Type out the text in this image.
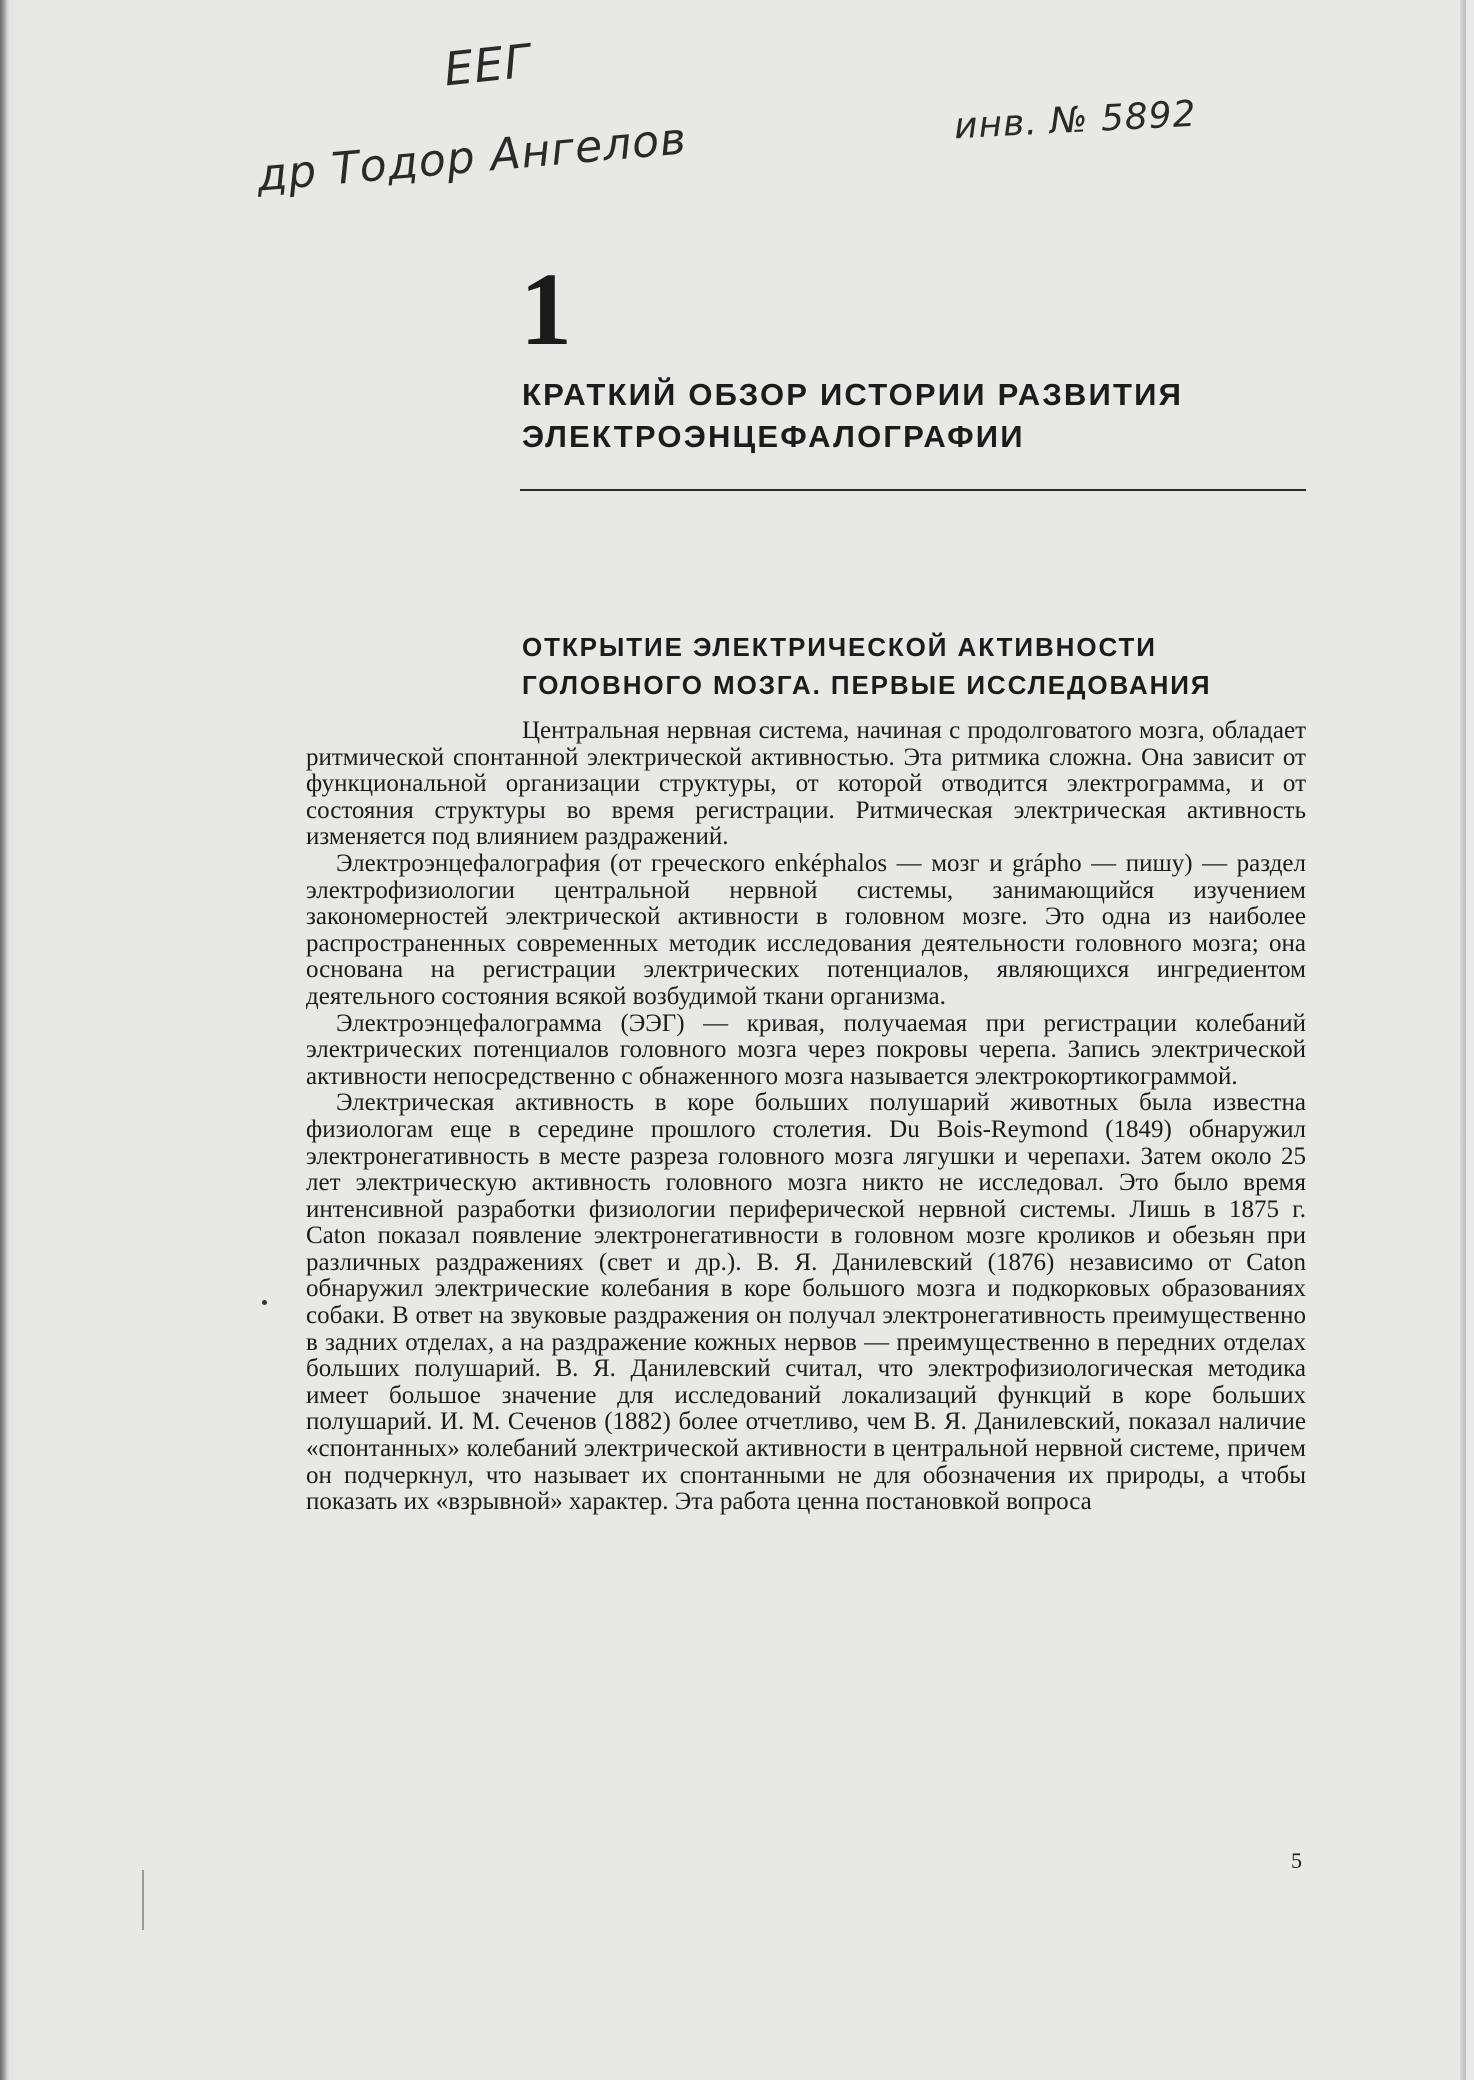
ЕЕГ
др Тодор Ангелов	инв. № 5892
1
КРАТКИЙ ОБЗОР ИСТОРИИ РАЗВИТИЯ
ЭЛЕКТРОЭНЦЕФАЛОГРАФИИ
ОТКРЫТИЕ ЭЛЕКТРИЧЕСКОЙ АКТИВНОСТИ
ГОЛОВНОГО МОЗГА. ПЕРВЫЕ ИССЛЕДОВАНИЯ

Центральная нервная система, начиная с продолговатого мозга, обладает ритмической спонтанной электрической активностью. Эта ритмика сложна. Она зависит от функциональной организации структуры, от которой отводится электрограмма, и от состояния структуры во время регистрации. Ритмическая электрическая активность изменяется под влиянием раздражений.

Электроэнцефалография (от греческого enképhalos — мозг и grápho — пишу) — раздел электрофизиологии центральной нервной системы, занимающийся изучением закономерностей электрической активности в головном мозге. Это одна из наиболее распространенных современных методик исследования деятельности головного мозга; она основана на регистрации электрических потенциалов, являющихся ингредиентом деятельного состояния всякой возбудимой ткани организма.

Электроэнцефалограмма (ЭЭГ) — кривая, получаемая при регистрации колебаний электрических потенциалов головного мозга через покровы черепа. Запись электрической активности непосредственно с обнаженного мозга называется электрокортикограммой.

Электрическая активность в коре больших полушарий животных была известна физиологам еще в середине прошлого столетия. Du Bois-Reymond (1849) обнаружил электронегативность в месте разреза головного мозга лягушки и черепахи. Затем около 25 лет электрическую активность головного мозга никто не исследовал. Это было время интенсивной разработки физиологии периферической нервной системы. Лишь в 1875 г. Caton показал появление электронегативности в головном мозге кроликов и обезьян при различных раздражениях (свет и др.). В. Я. Данилевский (1876) независимо от Caton обнаружил электрические колебания в коре большого мозга и подкорковых образованиях собаки. В ответ на звуковые раздражения он получал электронегативность преимущественно в задних отделах, а на раздражение кожных нервов — преимущественно в передних отделах больших полушарий. В. Я. Данилевский считал, что электрофизиологическая методика имеет большое значение для исследований локализаций функций в коре больших полушарий. И. М. Сеченов (1882) более отчетливо, чем В. Я. Данилевский, показал наличие «спонтанных» колебаний электрической активности в центральной нервной системе, причем он подчеркнул, что называет их спонтанными не для обозначения их природы, а чтобы показать их «взрывной» характер. Эта работа ценна постановкой вопроса

5
